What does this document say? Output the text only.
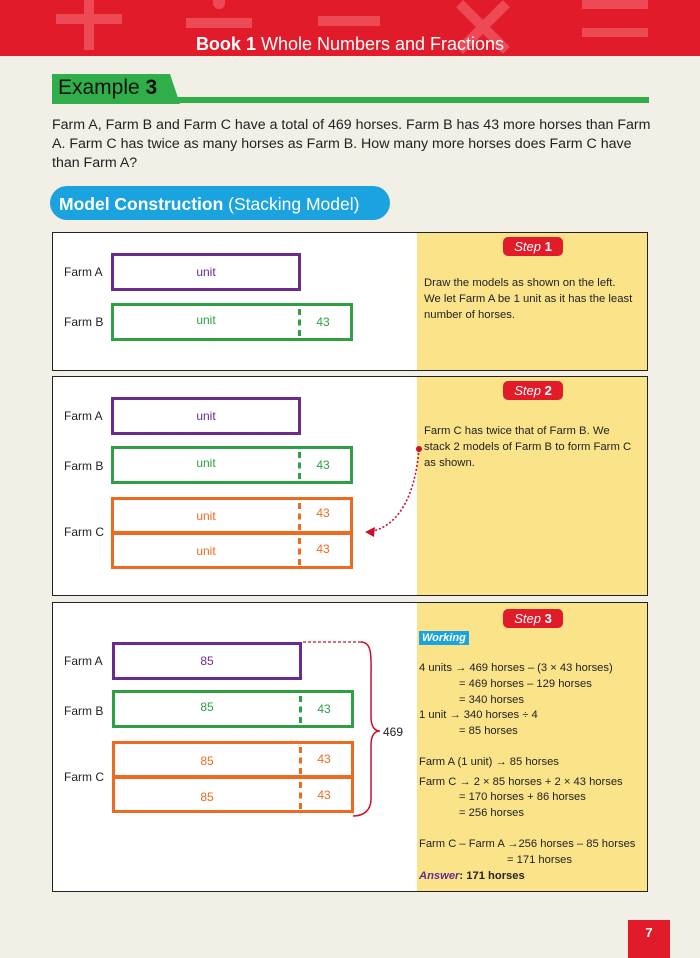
Book 1 Whole Numbers and Fractions
Example 3
Farm A, Farm B and Farm C have a total of 469 horses. Farm B has 43 more horses than Farm A. Farm C has twice as many horses as Farm B. How many more horses does Farm C have than Farm A?
Model Construction (Stacking Model)
Farm A
Farm B
unit
unit	43
Step 1
Draw the models as shown on the left.
We let Farm A be 1 unit as it has the least
number of horses.
Farm A
Farm B
Farm C
unit
unit	43
unit	43
unit	43
Step 2
Farm C has twice that of Farm B. We
stack 2 models of Farm B to form Farm C
as shown.
Farm A
Farm B
Farm C
85
85	43
85	43
85	43
469
Step 3
Working
4 units → 469 horses – (3 × 43 horses)
= 469 horses – 129 horses
= 340 horses
1 unit → 340 horses ÷ 4
= 85 horses
Farm A (1 unit) → 85 horses
Farm C → 2 × 85 horses + 2 × 43 horses
= 170 horses + 86 horses
= 256 horses
Farm C – Farm A →256 horses – 85 horses
= 171 horses
Answer: 171 horses
7
